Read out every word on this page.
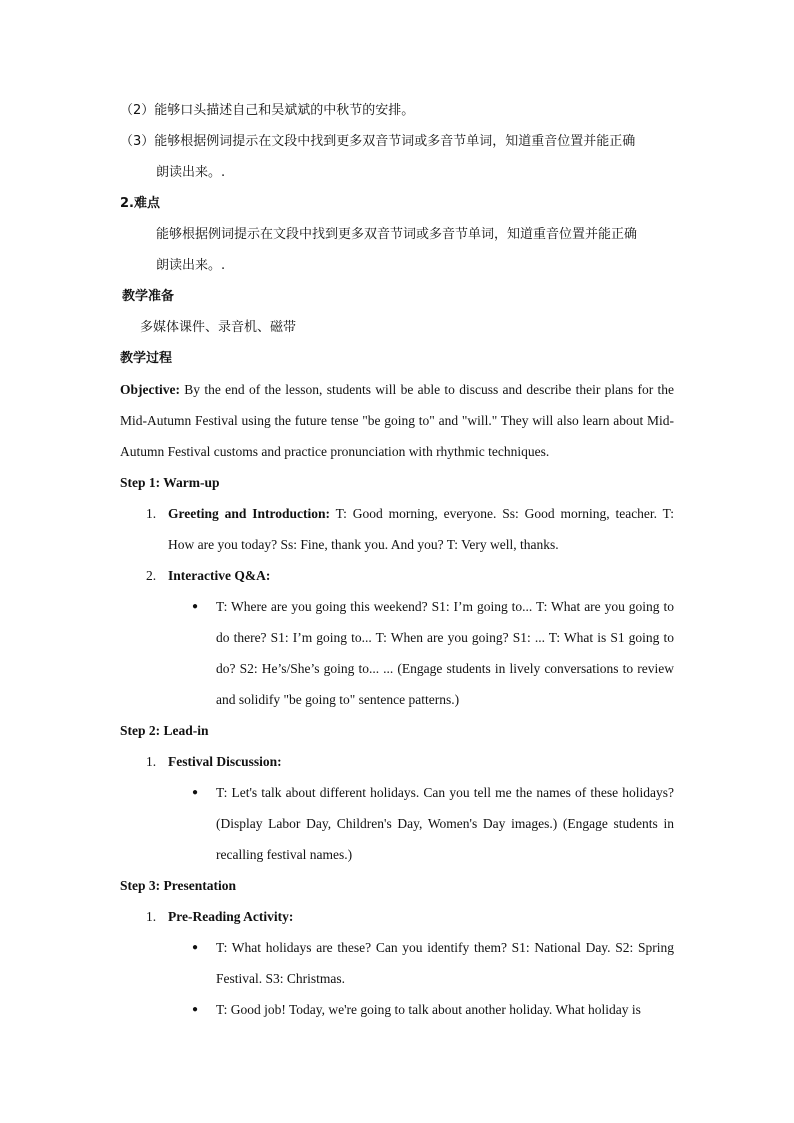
（2）能够口头描述自己和吴斌斌的中秋节的安排。
（3）能够根据例词提示在文段中找到更多双音节词或多音节单词，知道重音位置并能正确
朗读出来。.
2.难点
能够根据例词提示在文段中找到更多双音节词或多音节单词，知道重音位置并能正确
朗读出来。.
教学准备
多媒体课件、录音机、磁带
教学过程
Objective: By the end of the lesson, students will be able to discuss and describe their plans for the Mid-Autumn Festival using the future tense "be going to" and "will." They will also learn about Mid-Autumn Festival customs and practice pronunciation with rhythmic techniques.
Step 1: Warm-up
1. Greeting and Introduction: T: Good morning, everyone. Ss: Good morning, teacher. T: How are you today? Ss: Fine, thank you. And you? T: Very well, thanks.
2. Interactive Q&A:
● T: Where are you going this weekend? S1: I’m going to... T: What are you going to do there? S1: I’m going to... T: When are you going? S1: ... T: What is S1 going to do? S2: He’s/She’s going to... ... (Engage students in lively conversations to review and solidify "be going to" sentence patterns.)
Step 2: Lead-in
1. Festival Discussion:
● T: Let's talk about different holidays. Can you tell me the names of these holidays? (Display Labor Day, Children's Day, Women's Day images.) (Engage students in recalling festival names.)
Step 3: Presentation
1. Pre-Reading Activity:
● T: What holidays are these? Can you identify them? S1: National Day. S2: Spring Festival. S3: Christmas.
● T: Good job! Today, we're going to talk about another holiday. What holiday is
